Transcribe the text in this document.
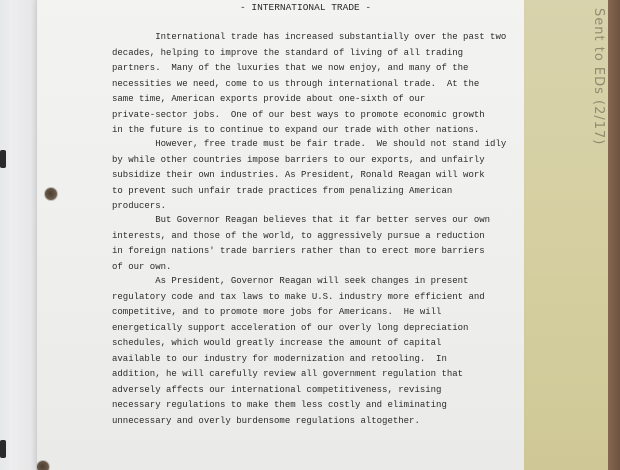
Sent to EDs (2/17)
- INTERNATIONAL TRADE -
International trade has increased substantially over the past two
decades, helping to improve the standard of living of all trading
partners.  Many of the luxuries that we now enjoy, and many of the
necessities we need, come to us through international trade.  At the
same time, American exports provide about one-sixth of our
private-sector jobs.  One of our best ways to promote economic growth
in the future is to continue to expand our trade with other nations.
However, free trade must be fair trade.  We should not stand idly
by while other countries impose barriers to our exports, and unfairly
subsidize their own industries. As President, Ronald Reagan will work
to prevent such unfair trade practices from penalizing American
producers.
But Governor Reagan believes that it far better serves our own
interests, and those of the world, to aggressively pursue a reduction
in foreign nations' trade barriers rather than to erect more barriers
of our own.
As President, Governor Reagan will seek changes in present
regulatory code and tax laws to make U.S. industry more efficient and
competitive, and to promote more jobs for Americans.  He will
energetically support acceleration of our overly long depreciation
schedules, which would greatly increase the amount of capital
available to our industry for modernization and retooling.  In
addition, he will carefully review all government regulation that
adversely affects our international competitiveness, revising
necessary regulations to make them less costly and eliminating
unnecessary and overly burdensome regulations altogether.
